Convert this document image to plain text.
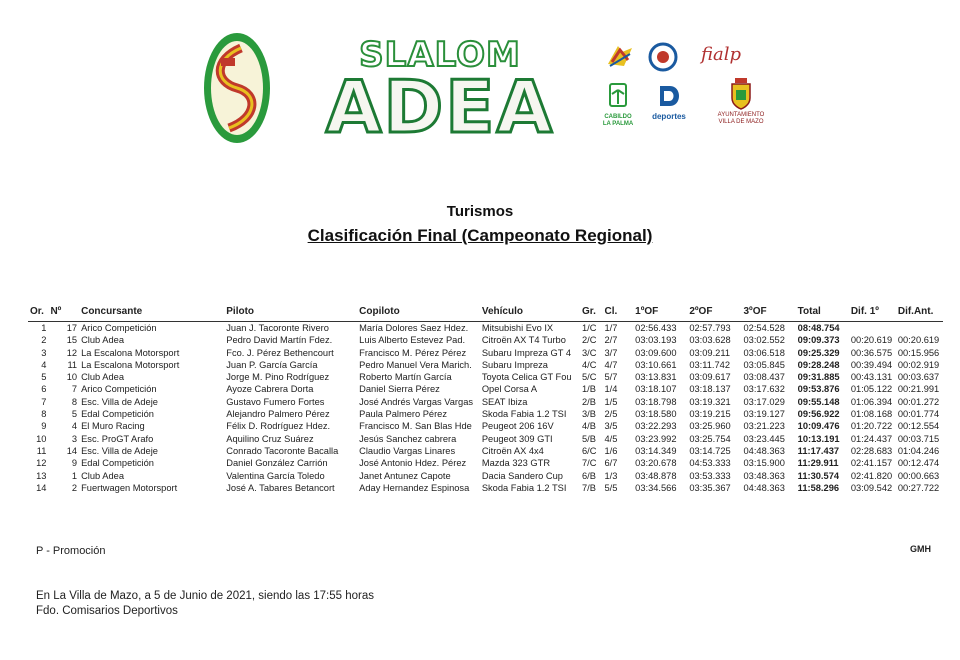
SLALOM
ADEA
fialp
CABILDO LA PALMA
deportes	AYUNTAMIENTO VILLA DE MAZO
Turismos
Clasificación Final (Campeonato Regional)
Or.	Nº	Concursante	Piloto	Copiloto	Vehículo	Gr.	Cl.	1ºOF	2ºOF	3ºOF	Total	Dif. 1º	Dif.Ant.
1	17	Arico Competición	Juan J. Tacoronte Rivero	María Dolores Saez Hdez.	Mitsubishi Evo IX	1/C	1/7	02:56.433	02:57.793	02:54.528	08:48.754		
2	15	Club Adea	Pedro David Martín Fdez.	Luis Alberto Estevez Pad.	Citroën AX T4 Turbo	2/C	2/7	03:03.193	03:03.628	03:02.552	09:09.373	00:20.619	00:20.619
3	12	La Escalona Motorsport	Fco. J. Pérez Bethencourt	Francisco M. Pérez Pérez	Subaru Impreza GT 4	3/C	3/7	03:09.600	03:09.211	03:06.518	09:25.329	00:36.575	00:15.956
4	11	La Escalona Motorsport	Juan P. García García	Pedro Manuel Vera Marich.	Subaru Impreza	4/C	4/7	03:10.661	03:11.742	03:05.845	09:28.248	00:39.494	00:02.919
5	10	Club Adea	Jorge M. Pino Rodríguez	Roberto Martín García	Toyota Celica GT Fou	5/C	5/7	03:13.831	03:09.617	03:08.437	09:31.885	00:43.131	00:03.637
6	7	Arico Competición	Ayoze Cabrera Dorta	Daniel Sierra Pérez	Opel Corsa A	1/B	1/4	03:18.107	03:18.137	03:17.632	09:53.876	01:05.122	00:21.991
7	8	Esc. Villa de Adeje	Gustavo Fumero Fortes	José Andrés Vargas Vargas	SEAT Ibiza	2/B	1/5	03:18.798	03:19.321	03:17.029	09:55.148	01:06.394	00:01.272
8	5	Edal Competición	Alejandro Palmero Pérez	Paula Palmero Pérez	Skoda Fabia 1.2 TSI	3/B	2/5	03:18.580	03:19.215	03:19.127	09:56.922	01:08.168	00:01.774
9	4	El Muro Racing	Félix D. Rodríguez Hdez.	Francisco M. San Blas Hde	Peugeot 206 16V	4/B	3/5	03:22.293	03:25.960	03:21.223	10:09.476	01:20.722	00:12.554
10	3	Esc. ProGT Arafo	Aquilino Cruz Suárez	Jesús Sanchez cabrera	Peugeot 309 GTI	5/B	4/5	03:23.992	03:25.754	03:23.445	10:13.191	01:24.437	00:03.715
11	14	Esc. Villa de Adeje	Conrado Tacoronte Bacalla	Claudio Vargas Linares	Citroën AX 4x4	6/C	1/6	03:14.349	03:14.725	04:48.363	11:17.437	02:28.683	01:04.246
12	9	Edal Competición	Daniel González Carrión	José Antonio Hdez. Pérez	Mazda 323 GTR	7/C	6/7	03:20.678	04:53.333	03:15.900	11:29.911	02:41.157	00:12.474
13	1	Club Adea	Valentina García Toledo	Janet Antunez Capote	Dacia Sandero Cup	6/B	1/3	03:48.878	03:53.333	03:48.363	11:30.574	02:41.820	00:00.663
14	2	Fuertwagen Motorsport	José A. Tabares Betancort	Aday Hernandez Espinosa	Skoda Fabia 1.2 TSI	7/B	5/5	03:34.566	03:35.367	04:48.363	11:58.296	03:09.542	00:27.722
P - Promoción	GMH
En La Villa de Mazo, a 5 de Junio de 2021, siendo las 17:55 horas
Fdo. Comisarios Deportivos
